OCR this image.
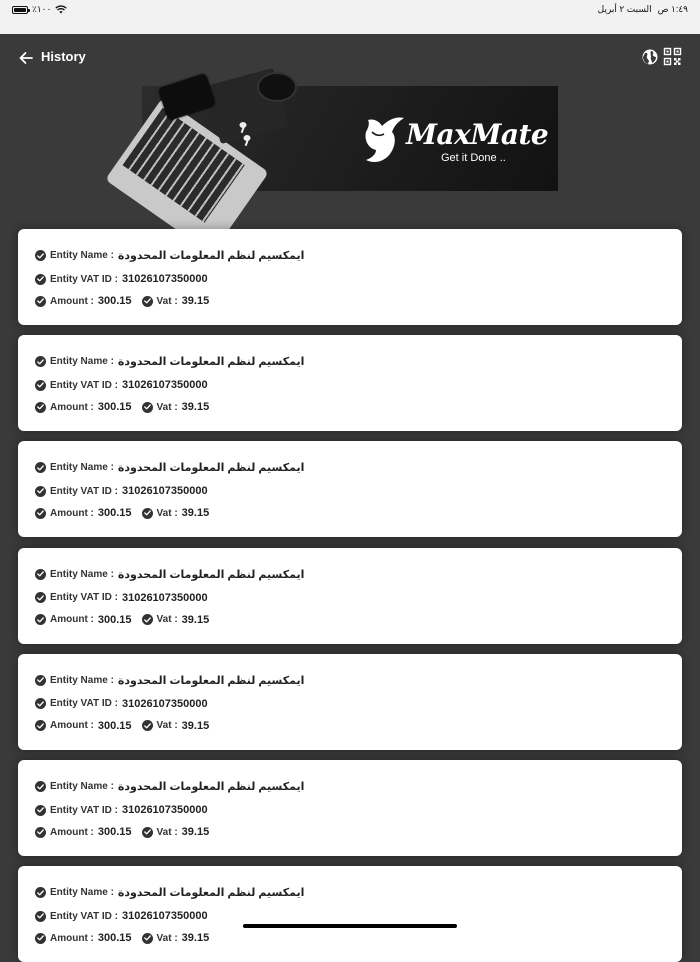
٪١٠٠	١:٤٩ ص
السبت ٢ أبريل
History
MaxMate
Get it Done ..
Entity Name : ايمكسيم لنظم المعلومات المحدودة
Entity VAT ID : 31026107350000
Amount : 300.15	Vat : 39.15
Entity Name : ايمكسيم لنظم المعلومات المحدودة
Entity VAT ID : 31026107350000
Amount : 300.15	Vat : 39.15
Entity Name : ايمكسيم لنظم المعلومات المحدودة
Entity VAT ID : 31026107350000
Amount : 300.15	Vat : 39.15
Entity Name : ايمكسيم لنظم المعلومات المحدودة
Entity VAT ID : 31026107350000
Amount : 300.15	Vat : 39.15
Entity Name : ايمكسيم لنظم المعلومات المحدودة
Entity VAT ID : 31026107350000
Amount : 300.15	Vat : 39.15
Entity Name : ايمكسيم لنظم المعلومات المحدودة
Entity VAT ID : 31026107350000
Amount : 300.15	Vat : 39.15
Entity Name : ايمكسيم لنظم المعلومات المحدودة
Entity VAT ID : 31026107350000
Amount : 300.15	Vat : 39.15
